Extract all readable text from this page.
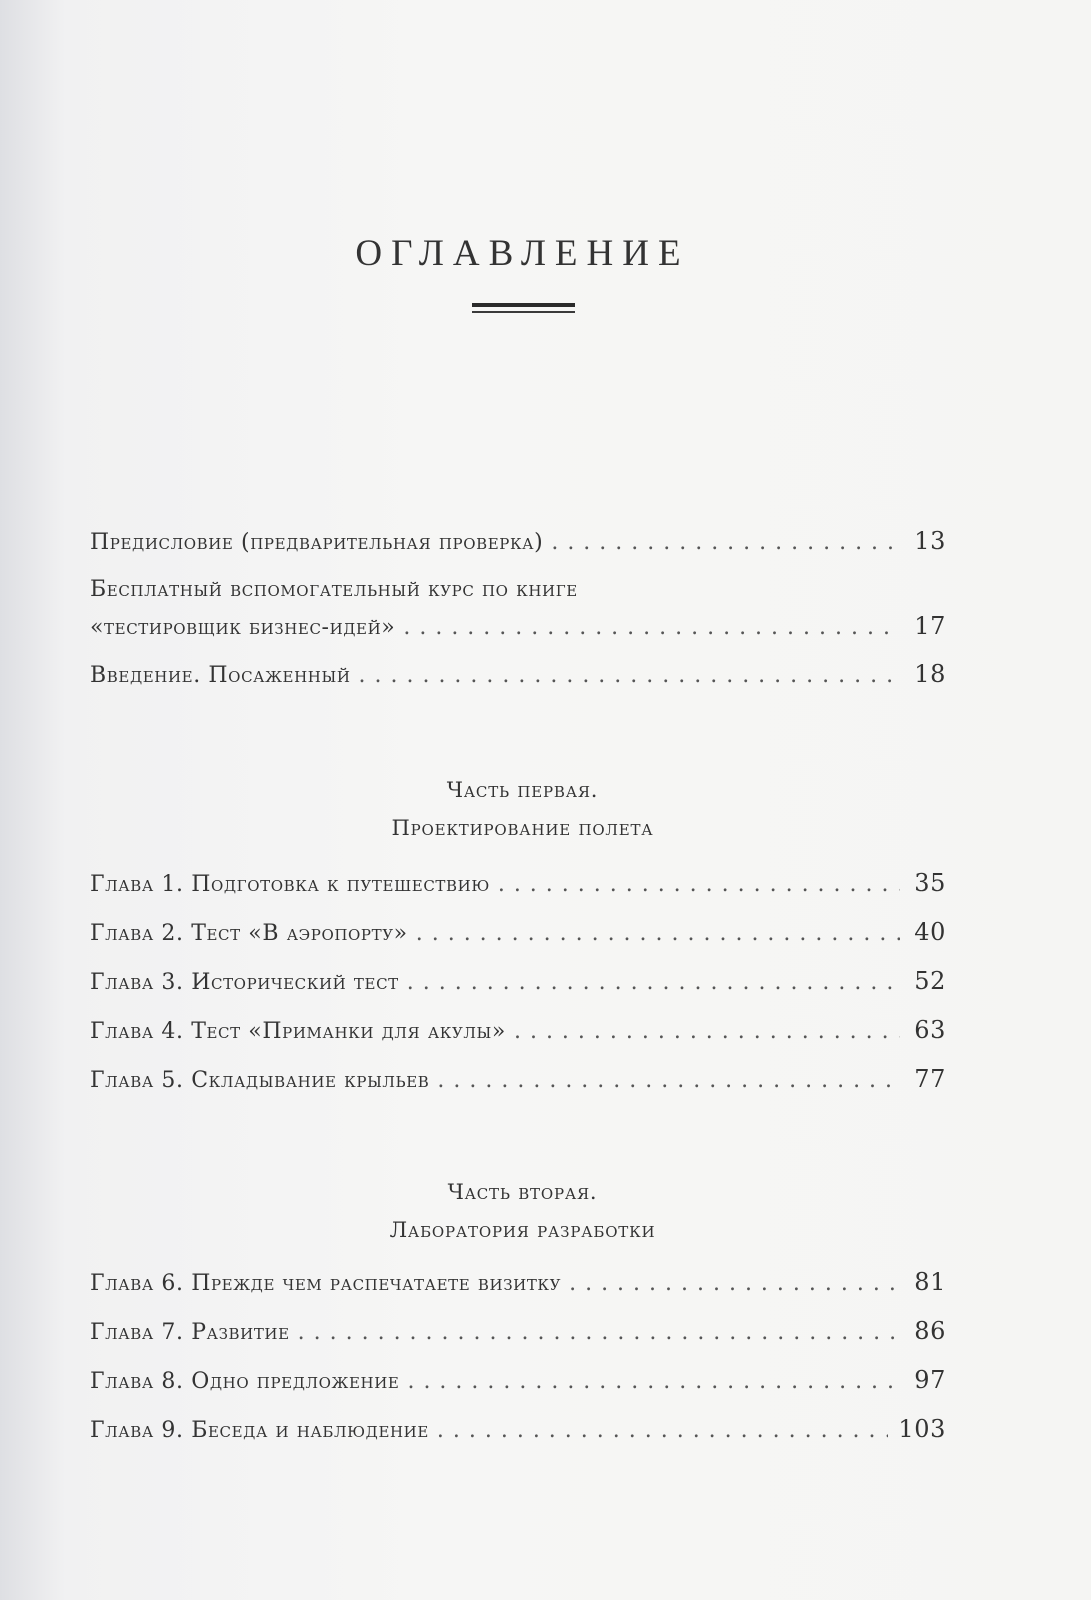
ОГЛАВЛЕНИЕ
Предисловие (предварительная проверка) . . .	13
Бесплатный вспомогательный курс по книге
«тестировщик бизнес-идей» . . .	17
Введение. Посаженный . . .	18
Часть первая.
Проектирование полета
Глава 1. Подготовка к путешествию . . .	35
Глава 2. Тест «В аэропорту» . . .	40
Глава 3. Исторический тест . . .	52
Глава 4. Тест «Приманки для акулы» . . .	63
Глава 5. Складывание крыльев . . .	77
Часть вторая.
Лаборатория разработки
Глава 6. Прежде чем распечатаете визитку . . .	81
Глава 7. Развитие . . .	86
Глава 8. Одно предложение . . .	97
Глава 9. Беседа и наблюдение . . .	103
